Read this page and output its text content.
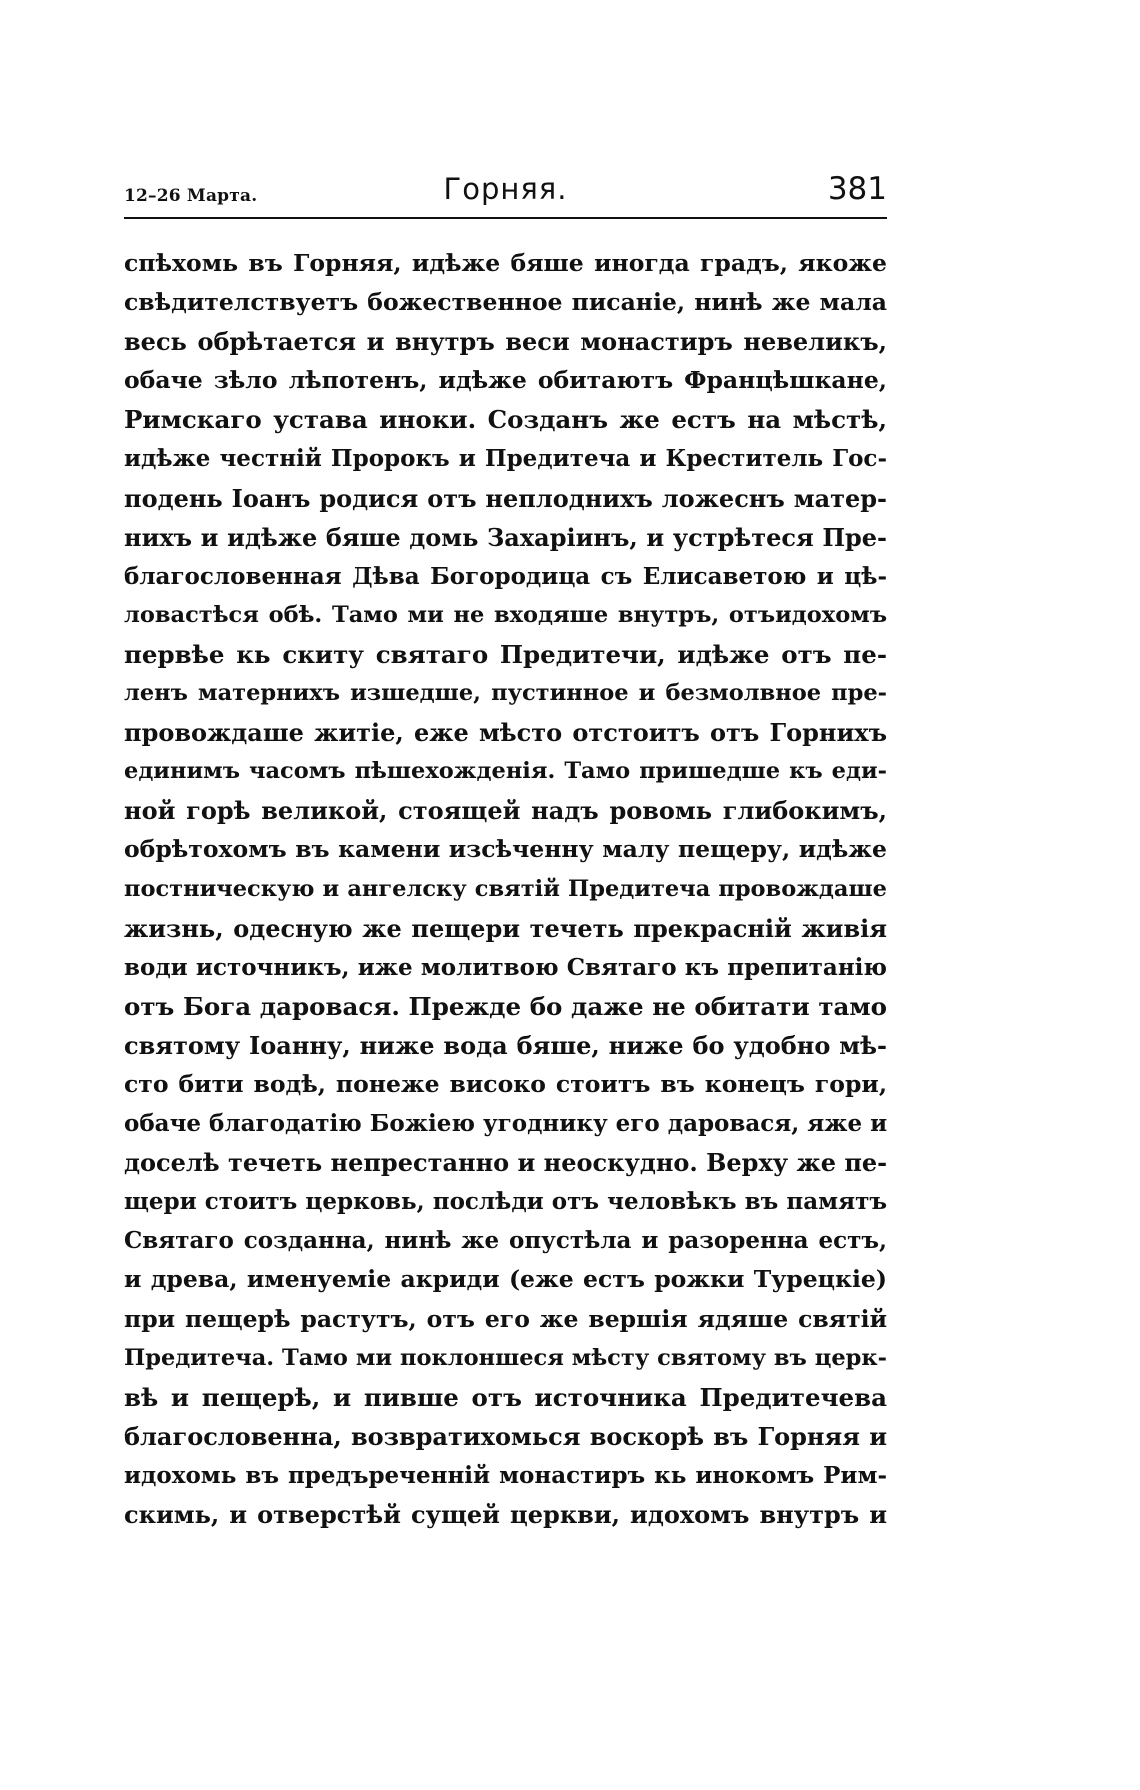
12–26 Марта.	Горняя.	381
спѣхомь въ Горняя, идѣже бяше иногда градъ, якоже
свѣдителствуетъ божественное писаніе, нинѣ же мала
весь обрѣтается и внутръ веси монастиръ невеликъ,
обаче зѣло лѣпотенъ, идѣже обитаютъ Францѣшкане,
Римскаго устава иноки. Созданъ же естъ на мѣстѣ,
идѣже честній Пророкъ и Предитеча и Креститель Гос-
подень Іоанъ родися отъ неплоднихъ ложеснъ матер-
нихъ и идѣже бяше домь Захаріинъ, и устрѣтеся Пре-
благословенная Дѣва Богородица съ Елисаветою и цѣ-
ловастѣся обѣ. Тамо ми не входяше внутръ, отъидохомъ
первѣе кь скиту святаго Предитечи, идѣже отъ пе-
ленъ матернихъ изшедше, пустинное и безмолвное пре-
провождаше житіе, еже мѣсто отстоитъ отъ Горнихъ
единимъ часомъ пѣшехожденія. Тамо пришедше къ еди-
ной горѣ великой, стоящей надъ ровомь глибокимъ,
обрѣтохомъ въ камени изсѣченну малу пещеру, идѣже
постническую и ангелску святій Предитеча провождаше
жизнь, одесную же пещери течеть прекрасній живія
води источникъ, иже молитвою Святаго къ препитанію
отъ Бога даровася. Прежде бо даже не обитати тамо
святому Іоанну, ниже вода бяше, ниже бо удобно мѣ-
сто бити водѣ, понеже високо стоитъ въ конецъ гори,
обаче благодатію Божіею угоднику его даровася, яже и
доселѣ течеть непрестанно и неоскудно. Верху же пе-
щери стоитъ церковь, послѣди отъ человѣкъ въ памятъ
Святаго созданна, нинѣ же опустѣла и разоренна естъ,
и древа, именуеміе акриди (еже естъ рожки Турецкіе)
при пещерѣ растутъ, отъ его же вершія ядяше святій
Предитеча. Тамо ми поклоншеся мѣсту святому въ церк-
вѣ и пещерѣ, и пивше отъ источника Предитечева
благословенна, возвратихомься воскорѣ въ Горняя и
идохомь въ предъреченній монастиръ кь инокомъ Рим-
скимь, и отверстѣй сущей церкви, идохомъ внутръ и
